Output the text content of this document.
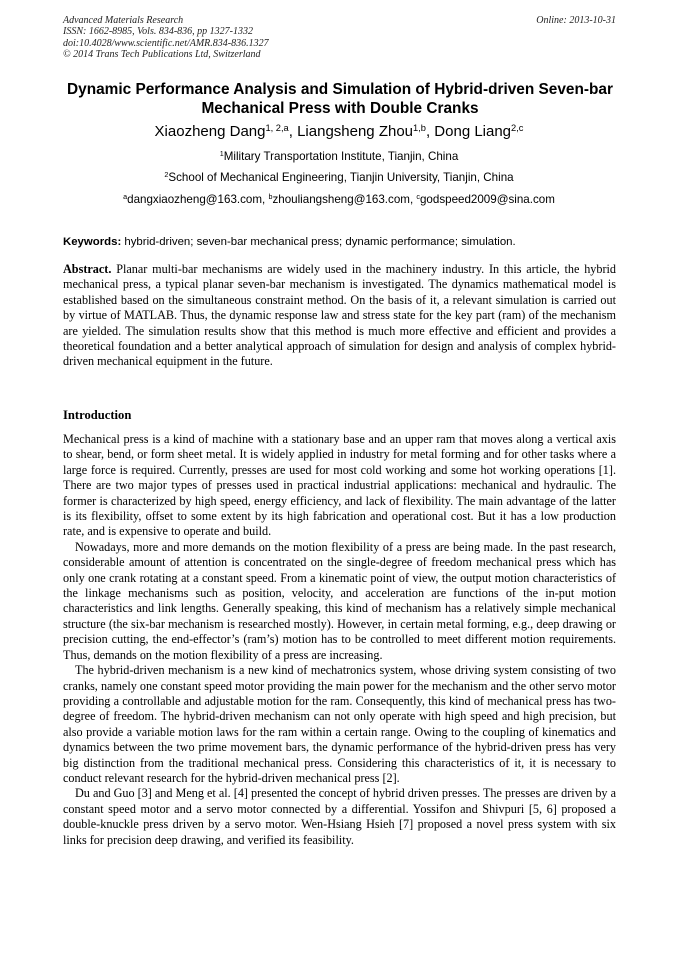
Advanced Materials Research
ISSN: 1662-8985, Vols. 834-836, pp 1327-1332
doi:10.4028/www.scientific.net/AMR.834-836.1327
© 2014 Trans Tech Publications Ltd, Switzerland
Online: 2013-10-31
Dynamic Performance Analysis and Simulation of Hybrid-driven Seven-bar Mechanical Press with Double Cranks
Xiaozheng Dang$^{1, 2,a}$, Liangsheng Zhou$^{1,b}$, Dong Liang$^{2,c}$
$^1$Military Transportation Institute, Tianjin, China
$^2$School of Mechanical Engineering, Tianjin University, Tianjin, China
$^a$dangxiaozheng@163.com, $^b$zhouliangsheng@163.com, $^c$godspeed2009@sina.com
Keywords: hybrid-driven; seven-bar mechanical press; dynamic performance; simulation.
Abstract. Planar multi-bar mechanisms are widely used in the machinery industry. In this article, the hybrid mechanical press, a typical planar seven-bar mechanism is investigated. The dynamics mathematical model is established based on the simultaneous constraint method. On the basis of it, a relevant simulation is carried out by virtue of MATLAB. Thus, the dynamic response law and stress state for the key part (ram) of the mechanism are yielded. The simulation results show that this method is much more effective and efficient and provides a theoretical foundation and a better analytical approach of simulation for design and analysis of complex hybrid-driven mechanical equipment in the future.
Introduction

Mechanical press is a kind of machine with a stationary base and an upper ram that moves along a vertical axis to shear, bend, or form sheet metal. It is widely applied in industry for metal forming and for other tasks where a large force is required. Currently, presses are used for most cold working and some hot working operations [1]. There are two major types of presses used in practical industrial applications: mechanical and hydraulic. The former is characterized by high speed, energy efficiency, and lack of flexibility. The main advantage of the latter is its flexibility, offset to some extent by its high fabrication and operational cost. But it has a low production rate, and is expensive to operate and build.

Nowadays, more and more demands on the motion flexibility of a press are being made. In the past research, considerable amount of attention is concentrated on the single-degree of freedom mechanical press which has only one crank rotating at a constant speed. From a kinematic point of view, the output motion characteristics of the linkage mechanisms such as position, velocity, and acceleration are functions of the in-put motion characteristics and link lengths. Generally speaking, this kind of mechanism has a relatively simple mechanical structure (the six-bar mechanism is researched mostly). However, in certain metal forming, e.g., deep drawing or precision cutting, the end-effector’s (ram’s) motion has to be controlled to meet different motion requirements. Thus, demands on the motion flexibility of a press are increasing.

The hybrid-driven mechanism is a new kind of mechatronics system, whose driving system consisting of two cranks, namely one constant speed motor providing the main power for the mechanism and the other servo motor providing a controllable and adjustable motion for the ram. Consequently, this kind of mechanical press has two-degree of freedom. The hybrid-driven mechanism can not only operate with high speed and high precision, but also provide a variable motion laws for the ram within a certain range. Owing to the coupling of kinematics and dynamics between the two prime movement bars, the dynamic performance of the hybrid-driven press has very big distinction from the traditional mechanical press. Considering this characteristics of it, it is necessary to conduct relevant research for the hybrid-driven mechanical press [2].

Du and Guo [3] and Meng et al. [4] presented the concept of hybrid driven presses. The presses are driven by a constant speed motor and a servo motor connected by a differential. Yossifon and Shivpuri [5, 6] proposed a double-knuckle press driven by a servo motor. Wen-Hsiang Hsieh [7] proposed a novel press system with six links for precision deep drawing, and verified its feasibility.
